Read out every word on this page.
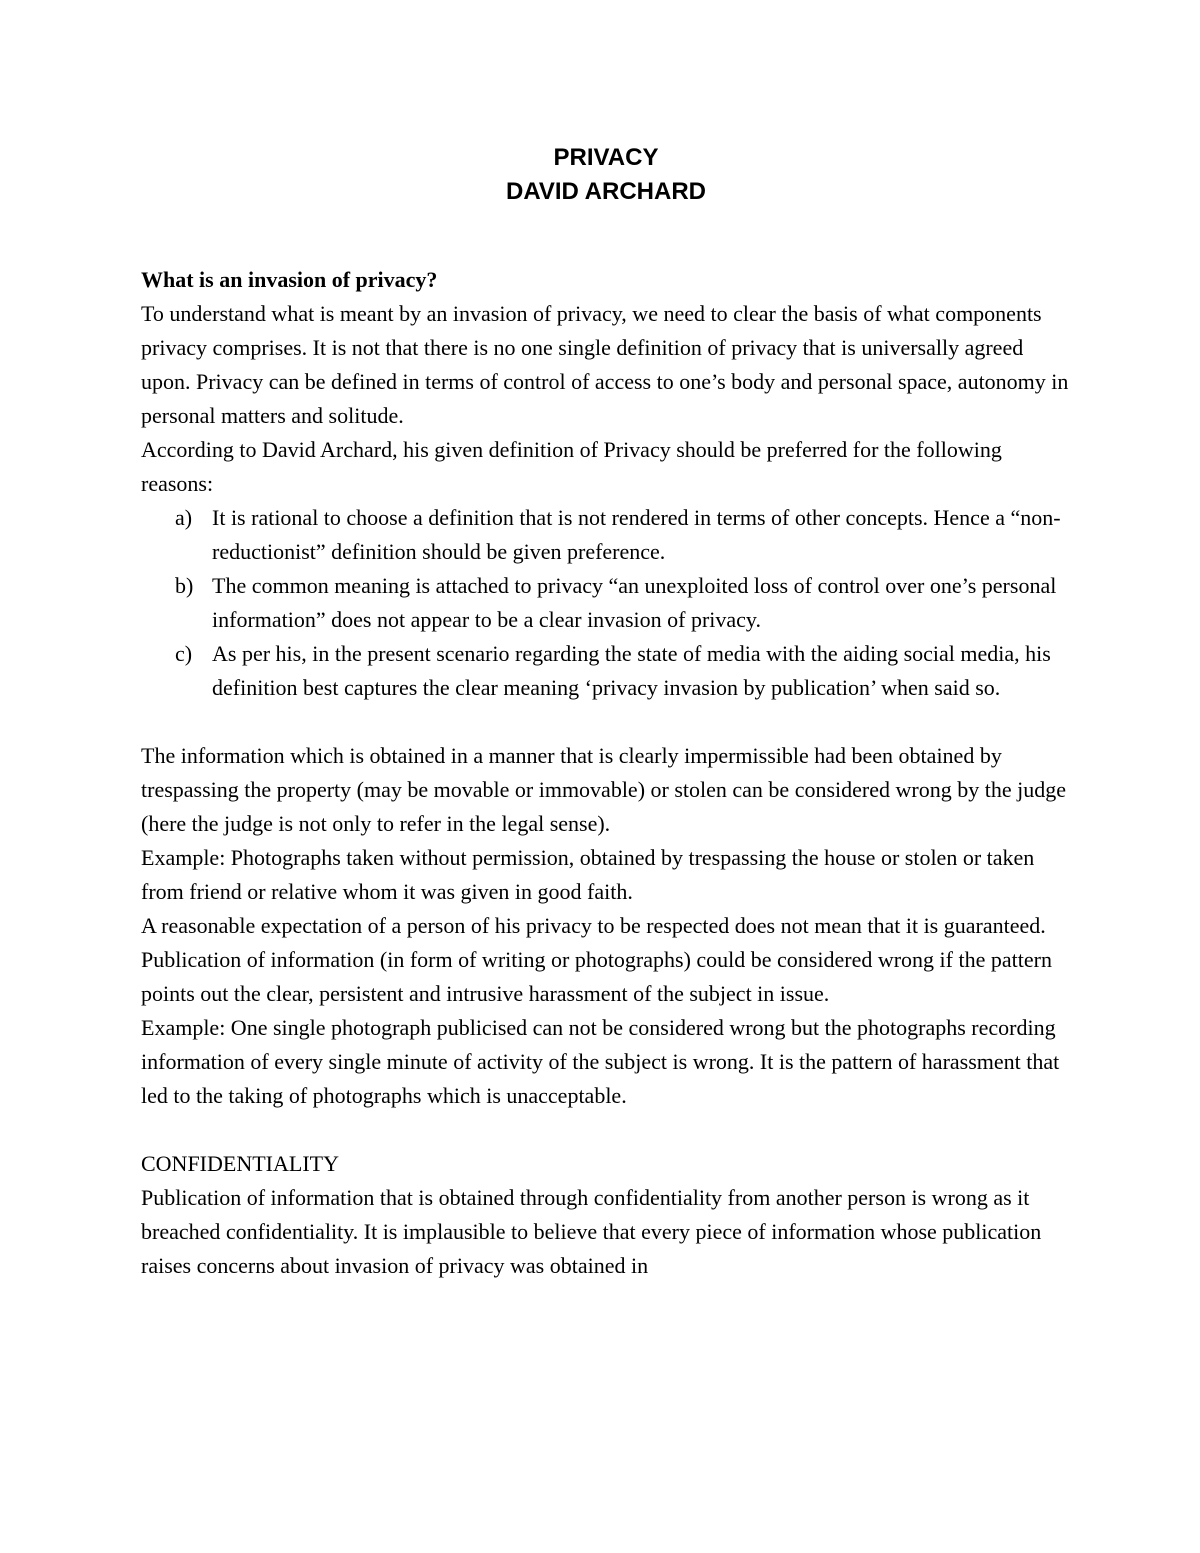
PRIVACY

DAVID ARCHARD

What is an invasion of privacy?

To understand what is meant by an invasion of privacy, we need to clear the basis of what components privacy comprises. It is not that there is no one single definition of privacy that is universally agreed upon. Privacy can be defined in terms of control of access to one’s body and personal space, autonomy in personal matters and solitude.

According to David Archard, his given definition of Privacy should be preferred for the following reasons:

a) It is rational to choose a definition that is not rendered in terms of other concepts. Hence a “non-reductionist” definition should be given preference.
b) The common meaning is attached to privacy “an unexploited loss of control over one’s personal information” does not appear to be a clear invasion of privacy.
c) As per his, in the present scenario regarding the state of media with the aiding social media, his definition best captures the clear meaning ‘privacy invasion by publication’ when said so.

The information which is obtained in a manner that is clearly impermissible had been obtained by trespassing the property (may be movable or immovable) or stolen can be considered wrong by the judge (here the judge is not only to refer in the legal sense).

Example: Photographs taken without permission, obtained by trespassing the house or stolen or taken from friend or relative whom it was given in good faith.

A reasonable expectation of a person of his privacy to be respected does not mean that it is guaranteed.

Publication of information (in form of writing or photographs) could be considered wrong if the pattern points out the clear, persistent and intrusive harassment of the subject in issue.

Example: One single photograph publicised can not be considered wrong but the photographs recording information of every single minute of activity of the subject is wrong. It is the pattern of harassment that led to the taking of photographs which is unacceptable.

CONFIDENTIALITY

Publication of information that is obtained through confidentiality from another person is wrong as it breached confidentiality. It is implausible to believe that every piece of information whose publication raises concerns about invasion of privacy was obtained in
